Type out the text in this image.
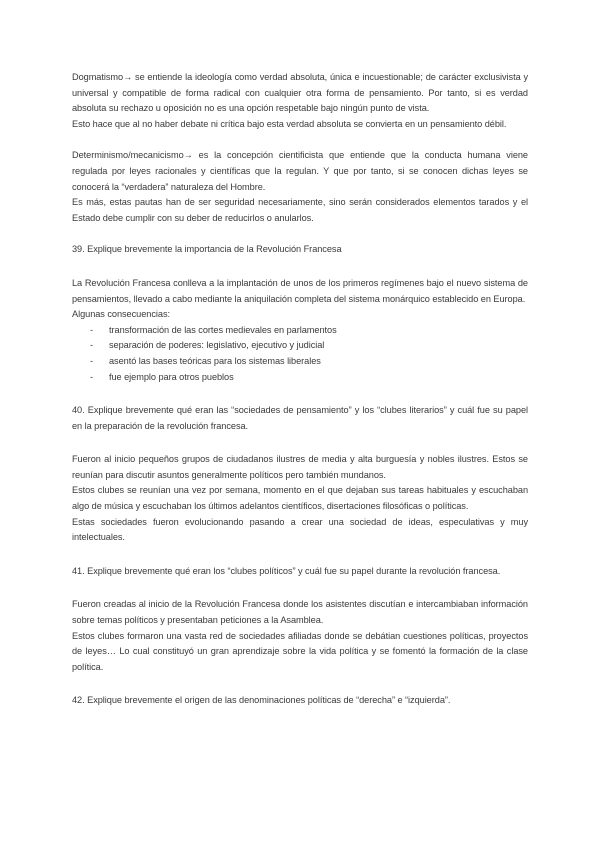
Dogmatismo→ se entiende la ideología como verdad absoluta, única e incuestionable; de carácter exclusivista y universal y compatible de forma radical con cualquier otra forma de pensamiento. Por tanto, si es verdad absoluta su rechazo u oposición no es una opción respetable bajo ningún punto de vista.

Esto hace que al no haber debate ni crítica bajo esta verdad absoluta se convierta en un pensamiento débil.

Determinismo/mecanicismo→ es la concepción cientificista que entiende que la conducta humana viene regulada por leyes racionales y científicas que la regulan. Y que por tanto, si se conocen dichas leyes se conocerá la “verdadera” naturaleza del Hombre.

Es más, estas pautas han de ser seguridad necesariamente, sino serán considerados elementos tarados y el Estado debe cumplir con su deber de reducirlos o anularlos.

39. Explique brevemente la importancia de la Revolución Francesa

La Revolución Francesa conlleva a la implantación de unos de los primeros regímenes bajo el nuevo sistema de pensamientos, llevado a cabo mediante la aniquilación completa del sistema monárquico establecido en Europa.

Algunas consecuencias:

- transformación de las cortes medievales en parlamentos
- separación de poderes: legislativo, ejecutivo y judicial
- asentó las bases teóricas para los sistemas liberales
- fue ejemplo para otros pueblos

40. Explique brevemente qué eran las “sociedades de pensamiento” y los “clubes literarios” y cuál fue su papel en la preparación de la revolución francesa.

Fueron al inicio pequeños grupos de ciudadanos ilustres de media y alta burguesía y nobles ilustres. Estos se reunían para discutir asuntos generalmente políticos pero también mundanos.

Estos clubes se reunían una vez por semana, momento en el que dejaban sus tareas habituales y escuchaban algo de música y escuchaban los últimos adelantos científicos, disertaciones filosóficas o políticas.

Estas sociedades fueron evolucionando pasando a crear una sociedad de ideas, especulativas y muy intelectuales.

41. Explique brevemente qué eran los “clubes políticos” y cuál fue su papel durante la revolución francesa.

Fueron creadas al inicio de la Revolución Francesa donde los asistentes discutían e intercambiaban información sobre temas políticos y presentaban peticiones a la Asamblea.

Estos clubes formaron una vasta red de sociedades afiliadas donde se debátian cuestiones políticas, proyectos de leyes… Lo cual constituyó un gran aprendizaje sobre la vida política y se fomentó la formación de la clase política.

42. Explique brevemente el origen de las denominaciones políticas de “derecha” e “izquierda”.
